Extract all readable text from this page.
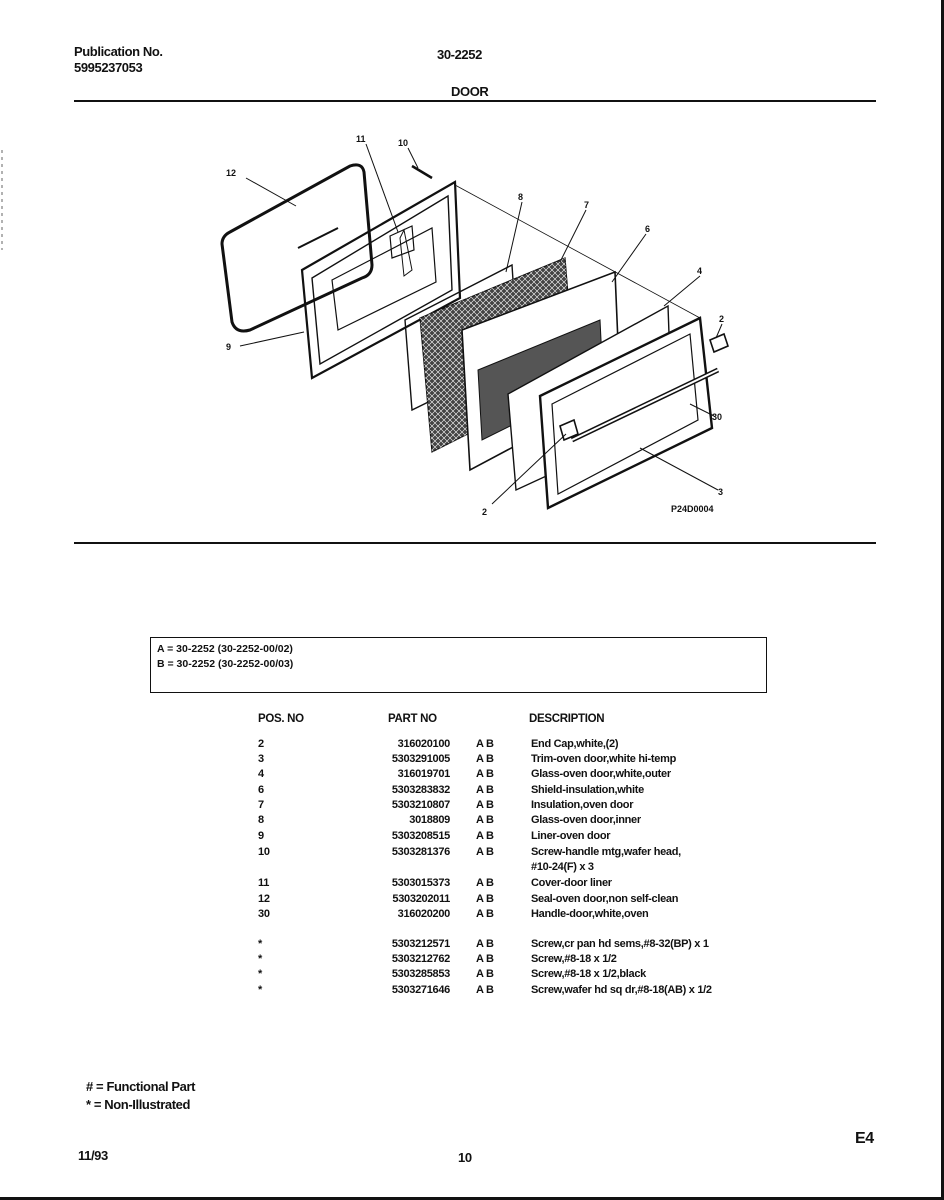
Publication No.
5995237053
30-2252
DOOR
11	10
12
9
8
7
6
4
2
30
3
2	P24D0004
A = 30-2252 (30-2252-00/02)
B = 30-2252 (30-2252-00/03)
POS. NO	PART NO	DESCRIPTION
2	316020100 A B	End Cap,white,(2)
3	5303291005 A B	Trim-oven door,white hi-temp
4	316019701 A B	Glass-oven door,white,outer
6	5303283832 A B	Shield-insulation,white
7	5303210807 A B	Insulation,oven door
8	3018809 A B	Glass-oven door,inner
9	5303208515 A B	Liner-oven door
10	5303281376 A B	Screw-handle mtg,wafer head,
#10-24(F) x 3
11	5303015373 A B	Cover-door liner
12	5303202011 A B	Seal-oven door,non self-clean
30	316020200 A B	Handle-door,white,oven
*	5303212571 A B	Screw,cr pan hd sems,#8-32(BP) x 1
*	5303212762 A B	Screw,#8-18 x 1/2
*	5303285853 A B	Screw,#8-18 x 1/2,black
*	5303271646 A B	Screw,wafer hd sq dr,#8-18(AB) x 1/2
# = Functional Part
* = Non-Illustrated
11/93	10
E4
